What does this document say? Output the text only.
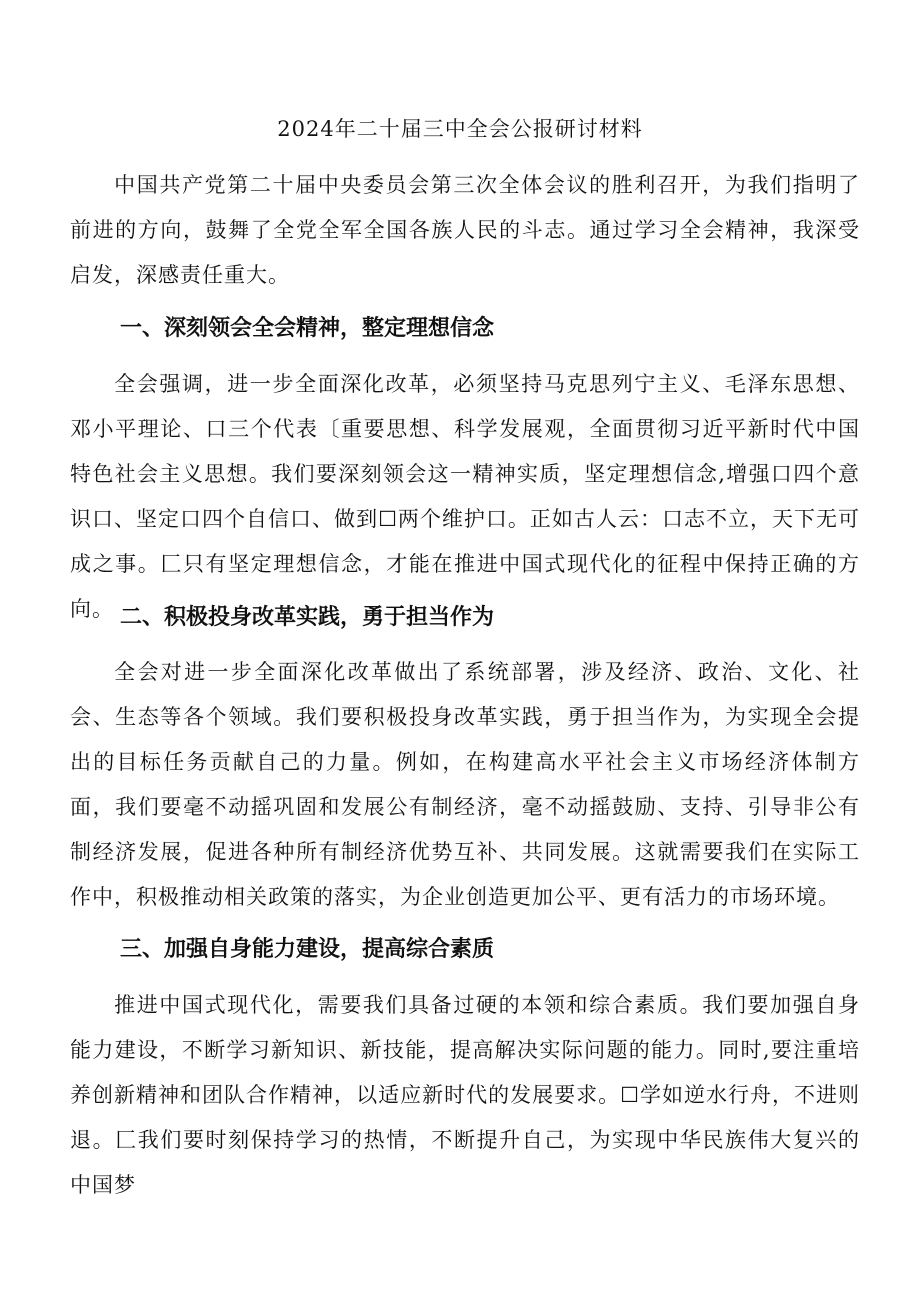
2024年二十届三中全会公报研讨材料

中国共产党第二十届中央委员会第三次全体会议的胜利召开，为我们指明了前进的方向，鼓舞了全党全军全国各族人民的斗志。通过学习全会精神，我深受启发，深感责任重大。

一、深刻领会全会精神，整定理想信念

全会强调，进一步全面深化改革，必须坚持马克思列宁主义、毛泽东思想、邓小平理论、口三个代表〔重要思想、科学发展观，全面贯彻习近平新时代中国特色社会主义思想。我们要深刻领会这一精神实质，坚定理想信念,增强口四个意识口、坚定口四个自信口、做到☐两个维护口。正如古人云：口志不立，天下无可成之事。匚只有坚定理想信念，才能在推进中国式现代化的征程中保持正确的方向。 二、积极投身改革实践，勇于担当作为

全会对进一步全面深化改革做出了系统部署，涉及经济、政治、文化、社会、生态等各个领域。我们要积极投身改革实践，勇于担当作为，为实现全会提出的目标任务贡献自己的力量。例如，在构建高水平社会主义市场经济体制方面，我们要毫不动摇巩固和发展公有制经济，毫不动摇鼓励、支持、引导非公有制经济发展，促进各种所有制经济优势互补、共同发展。这就需要我们在实际工作中，积极推动相关政策的落实，为企业创造更加公平、更有活力的市场环境。

三、加强自身能力建设，提高综合素质

推进中国式现代化，需要我们具备过硬的本领和综合素质。我们要加强自身能力建设，不断学习新知识、新技能，提高解决实际问题的能力。同时,要注重培养创新精神和团队合作精神，以适应新时代的发展要求。☐学如逆水行舟，不进则退。匚我们要时刻保持学习的热情，不断提升自己，为实现中华民族伟大复兴的中国梦
